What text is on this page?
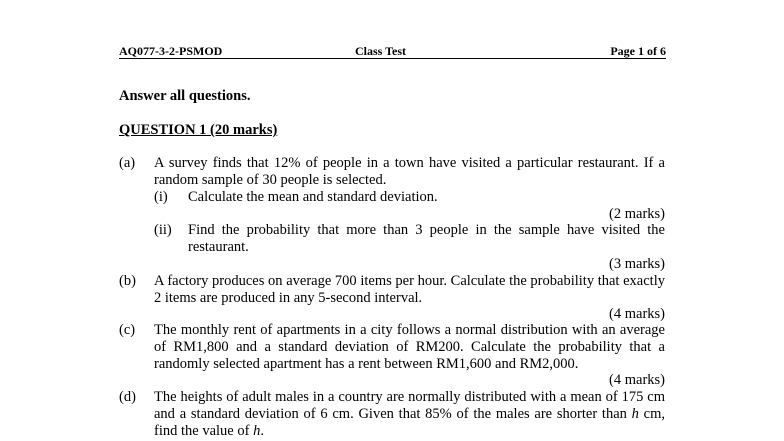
AQ077-3-2-PSMOD	Class Test	Page 1 of 6
Answer all questions.
QUESTION 1 (20 marks)
(a) A survey finds that 12% of people in a town have visited a particular restaurant. If a random sample of 30 people is selected.
(i) Calculate the mean and standard deviation.
(2 marks)
(ii) Find the probability that more than 3 people in the sample have visited the restaurant.
(3 marks)
(b) A factory produces on average 700 items per hour. Calculate the probability that exactly 2 items are produced in any 5-second interval.
(4 marks)
(c) The monthly rent of apartments in a city follows a normal distribution with an average of RM1,800 and a standard deviation of RM200. Calculate the probability that a randomly selected apartment has a rent between RM1,600 and RM2,000.
(4 marks)
(d) The heights of adult males in a country are normally distributed with a mean of 175 cm and a standard deviation of 6 cm. Given that 85% of the males are shorter than h cm, find the value of h.
